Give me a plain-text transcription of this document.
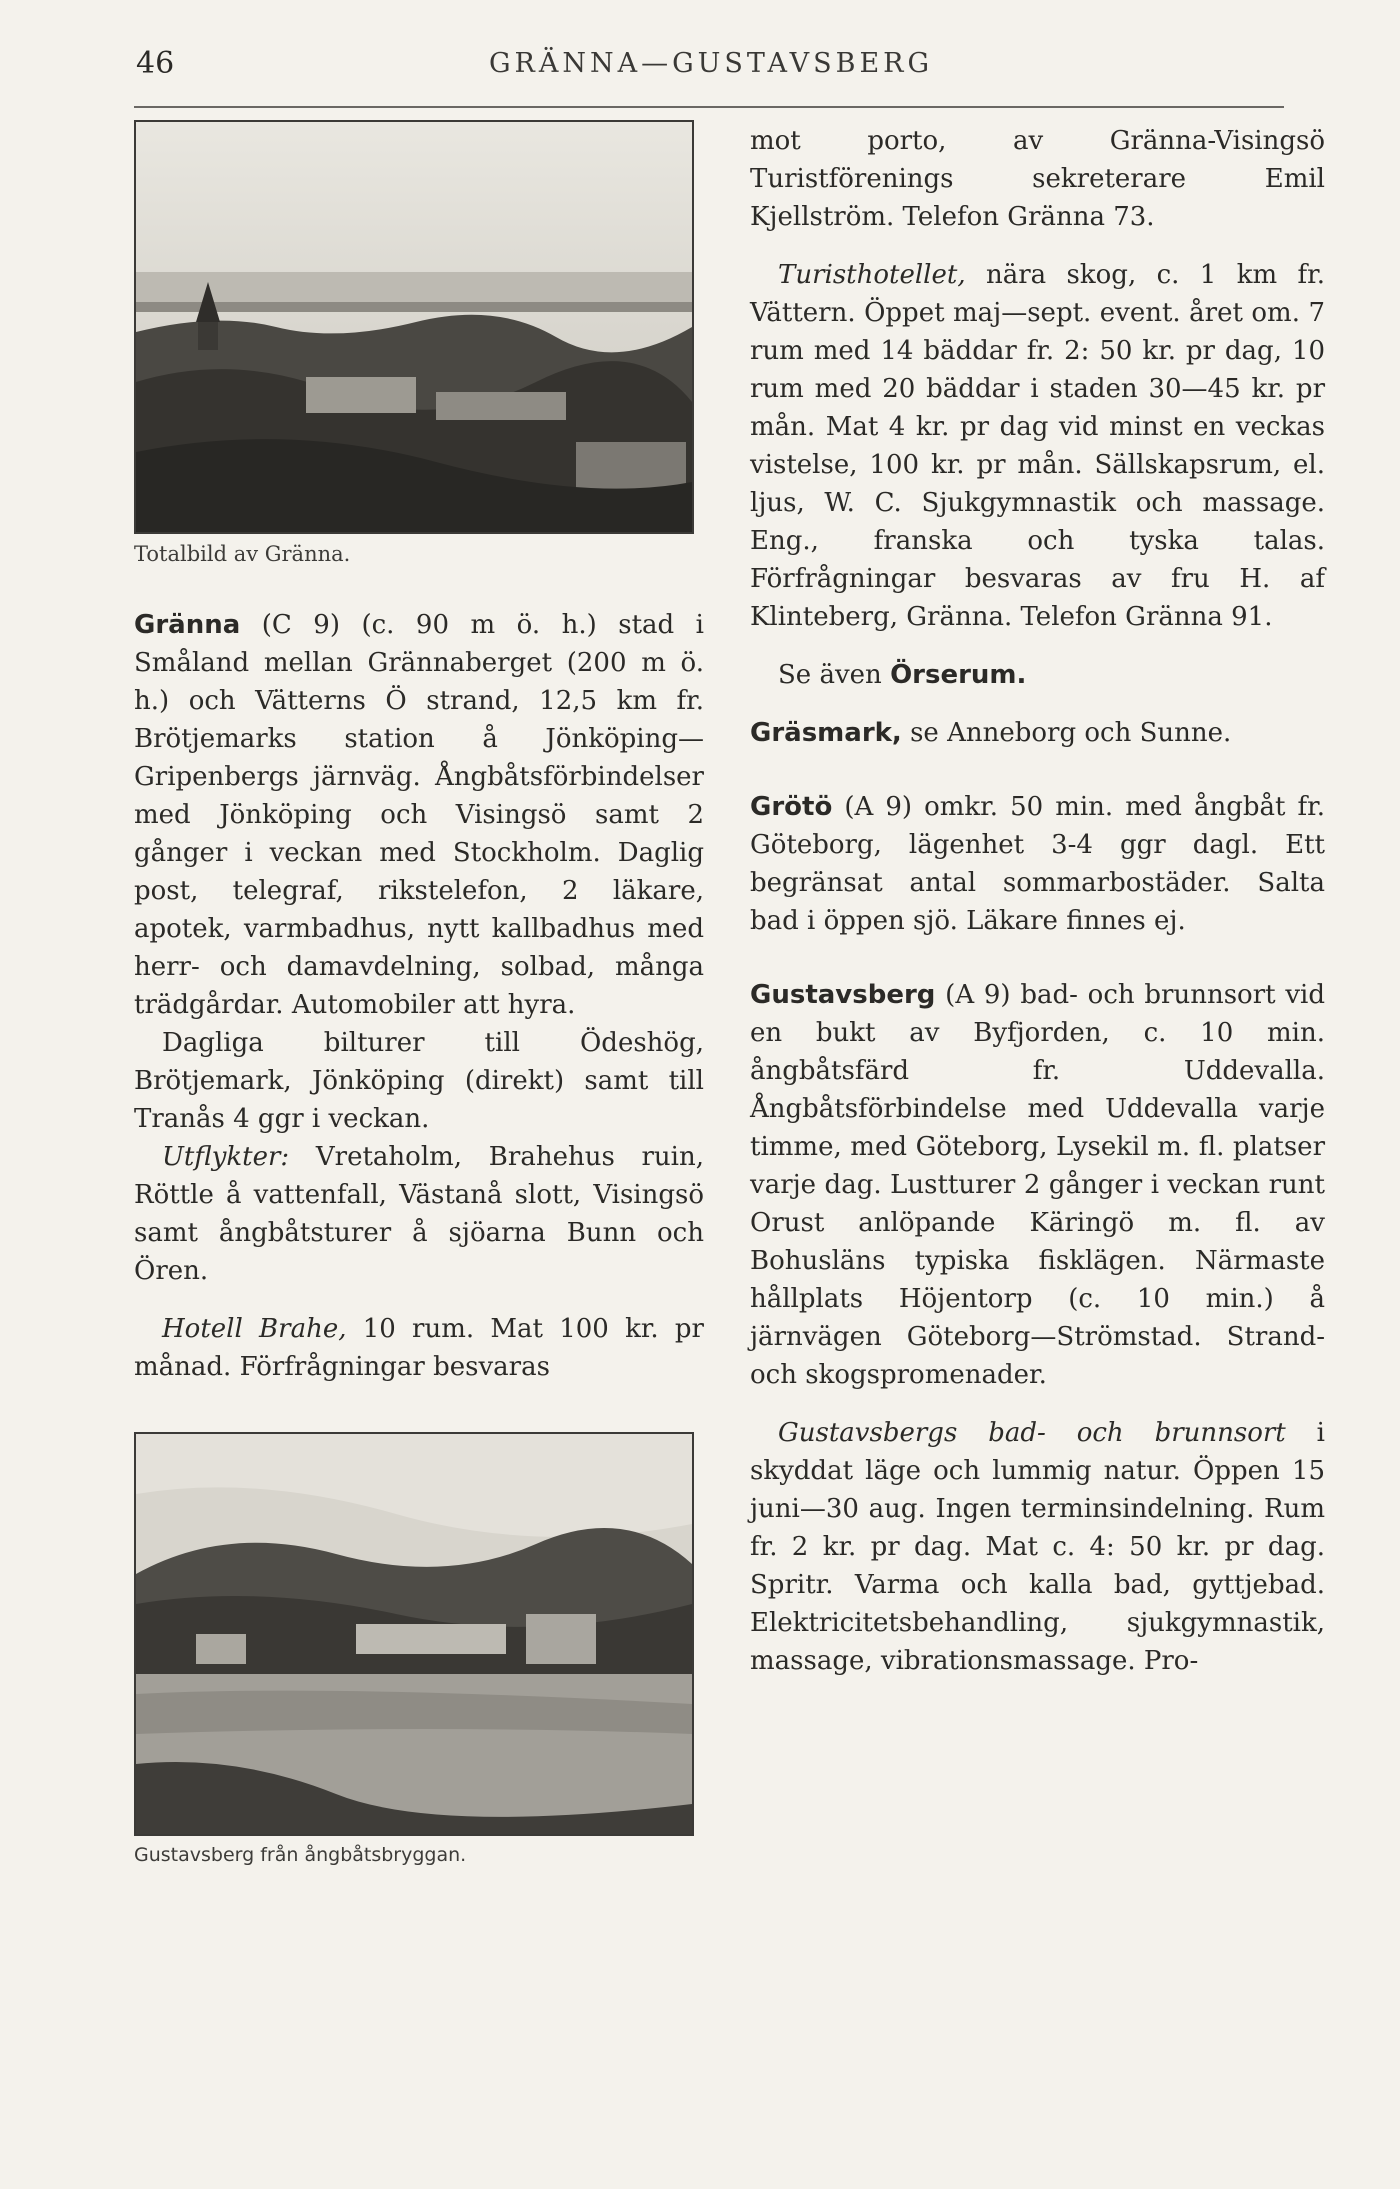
46	GRÄNNA—GUSTAVSBERG
Totalbild av Gränna.

Gränna (C 9) (c. 90 m ö. h.) stad i Småland mellan Grännaberget (200 m ö. h.) och Vätterns Ö strand, 12,5 km fr. Brötjemarks station å Jönköping—Gripenbergs järnväg. Ångbåtsförbindelser med Jönköping och Visingsö samt 2 gånger i veckan med Stockholm. Daglig post, telegraf, rikstelefon, 2 läkare, apotek, varmbadhus, nytt kallbadhus med herr- och damavdelning, solbad, många trädgårdar. Automobiler att hyra.

Dagliga bilturer till Ödeshög, Brötjemark, Jönköping (direkt) samt till Tranås 4 ggr i veckan.

Utflykter: Vretaholm, Brahehus ruin, Röttle å vattenfall, Västanå slott, Visingsö samt ångbåtsturer å sjöarna Bunn och Ören.

Hotell Brahe, 10 rum. Mat 100 kr. pr månad. Förfrågningar besvaras

Gustavsberg från ångbåtsbryggan.

mot porto, av Gränna-Visingsö Turistförenings sekreterare Emil Kjellström. Telefon Gränna 73.

Turisthotellet, nära skog, c. 1 km fr. Vättern. Öppet maj—sept. event. året om. 7 rum med 14 bäddar fr. 2: 50 kr. pr dag, 10 rum med 20 bäddar i staden 30—45 kr. pr mån. Mat 4 kr. pr dag vid minst en veckas vistelse, 100 kr. pr mån. Sällskapsrum, el. ljus, W. C. Sjukgymnastik och massage. Eng., franska och tyska talas. Förfrågningar besvaras av fru H. af Klinteberg, Gränna. Telefon Gränna 91.

Se även Örserum.

Gräsmark, se Anneborg och Sunne.

Grötö (A 9) omkr. 50 min. med ångbåt fr. Göteborg, lägenhet 3-4 ggr dagl. Ett begränsat antal sommarbostäder. Salta bad i öppen sjö. Läkare finnes ej.

Gustavsberg (A 9) bad- och brunnsort vid en bukt av Byfjorden, c. 10 min. ångbåtsfärd fr. Uddevalla. Ångbåtsförbindelse med Uddevalla varje timme, med Göteborg, Lysekil m. fl. platser varje dag. Lustturer 2 gånger i veckan runt Orust anlöpande Käringö m. fl. av Bohusläns typiska fisklägen. Närmaste hållplats Höjentorp (c. 10 min.) å järnvägen Göteborg—Strömstad. Strand- och skogspromenader.

Gustavsbergs bad- och brunnsort i skyddat läge och lummig natur. Öppen 15 juni—30 aug. Ingen terminsindelning. Rum fr. 2 kr. pr dag. Mat c. 4: 50 kr. pr dag. Spritr. Varma och kalla bad, gyttjebad. Elektricitetsbehandling, sjukgymnastik, massage, vibrationsmassage. Pro-
